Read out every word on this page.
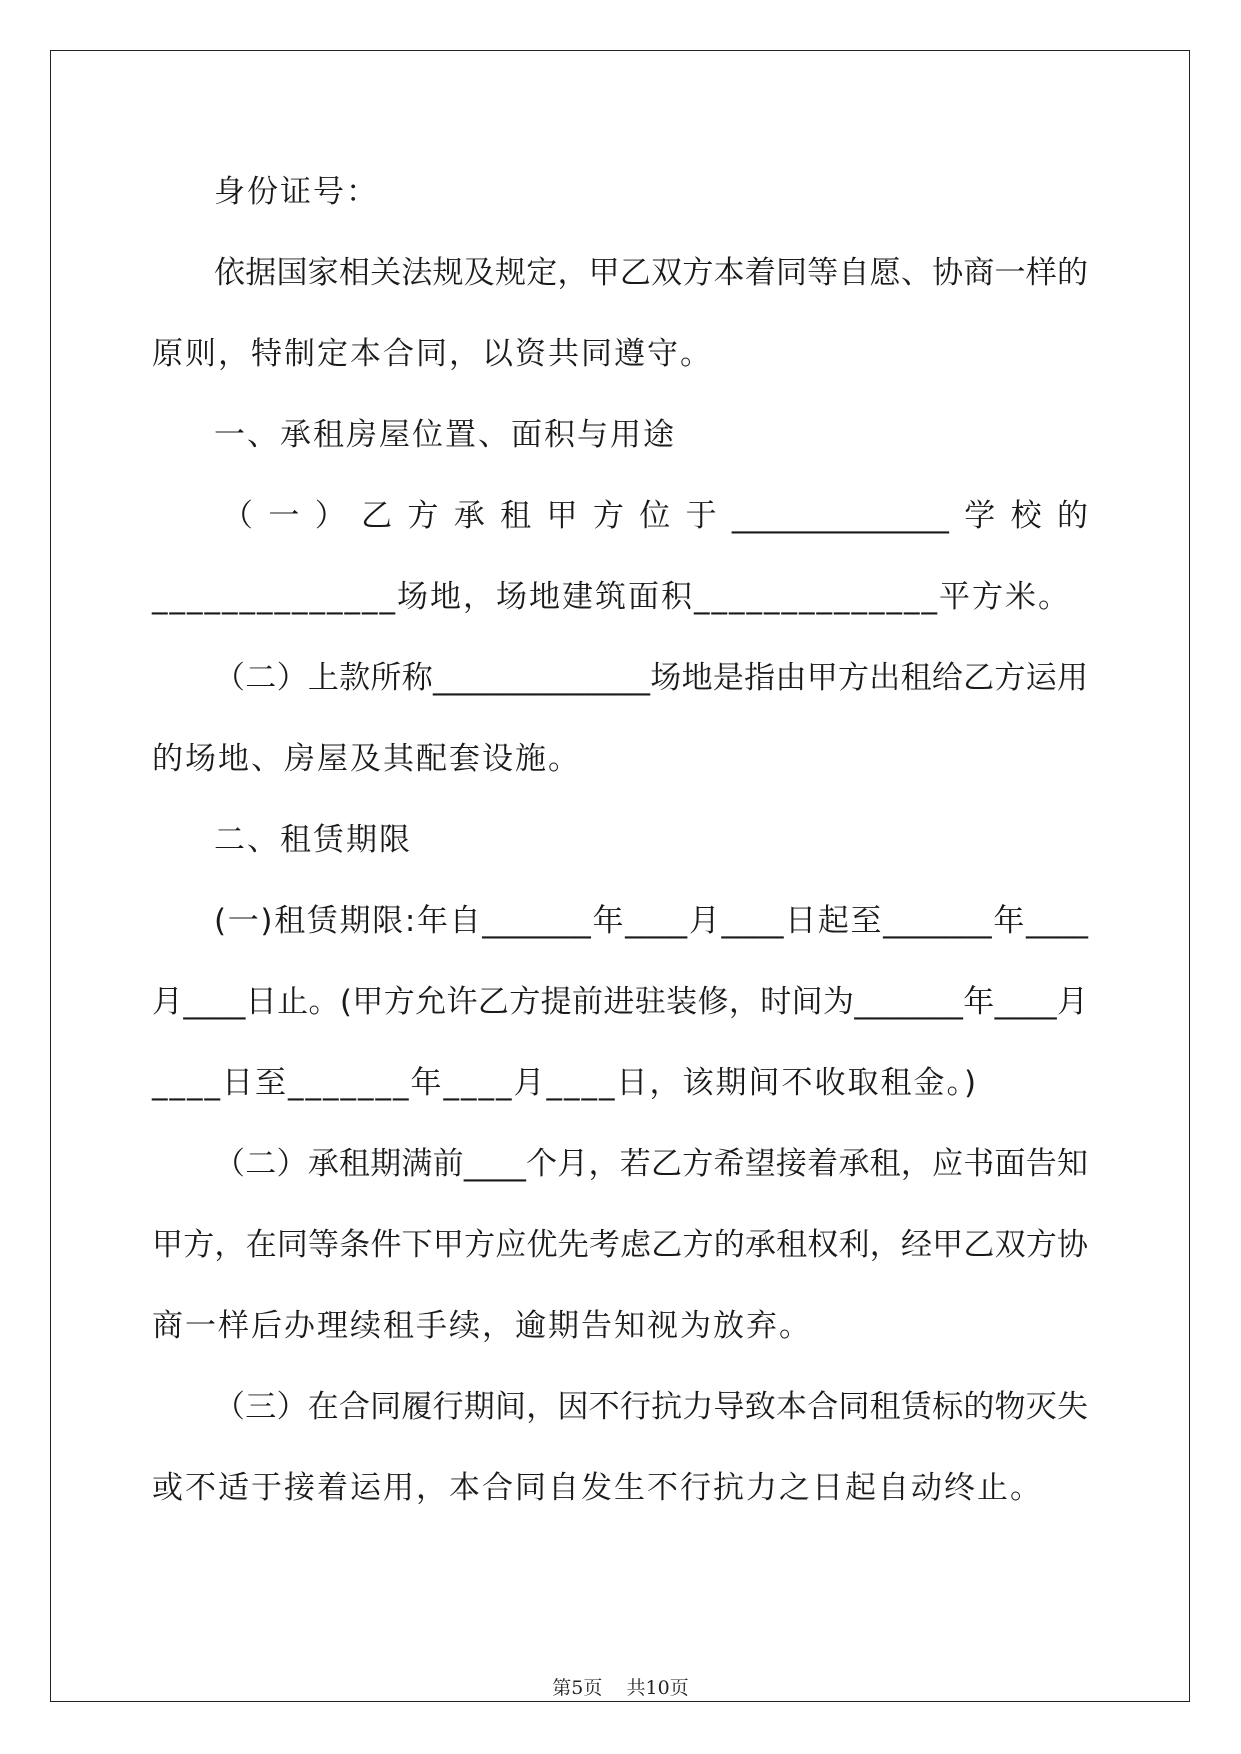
身份证号：
依据国家相关法规及规定，甲乙双方本着同等自愿、协商一样的
原则，特制定本合同，以资共同遵守。
一、承租房屋位置、面积与用途
（一）乙方承租甲方位于______________学校的
______________场地，场地建筑面积______________平方米。
（二）上款所称______________场地是指由甲方出租给乙方运用
的场地、房屋及其配套设施。
二、租赁期限
(一)租赁期限:年自_______年____月____日起至_______年____
月____日止。(甲方允许乙方提前进驻装修，时间为_______年____月
____日至_______年____月____日，该期间不收取租金。)
（二）承租期满前____个月，若乙方希望接着承租，应书面告知
甲方，在同等条件下甲方应优先考虑乙方的承租权利，经甲乙双方协
商一样后办理续租手续，逾期告知视为放弃。
（三）在合同履行期间，因不行抗力导致本合同租赁标的物灭失
或不适于接着运用，本合同自发生不行抗力之日起自动终止。
第5页    共10页
